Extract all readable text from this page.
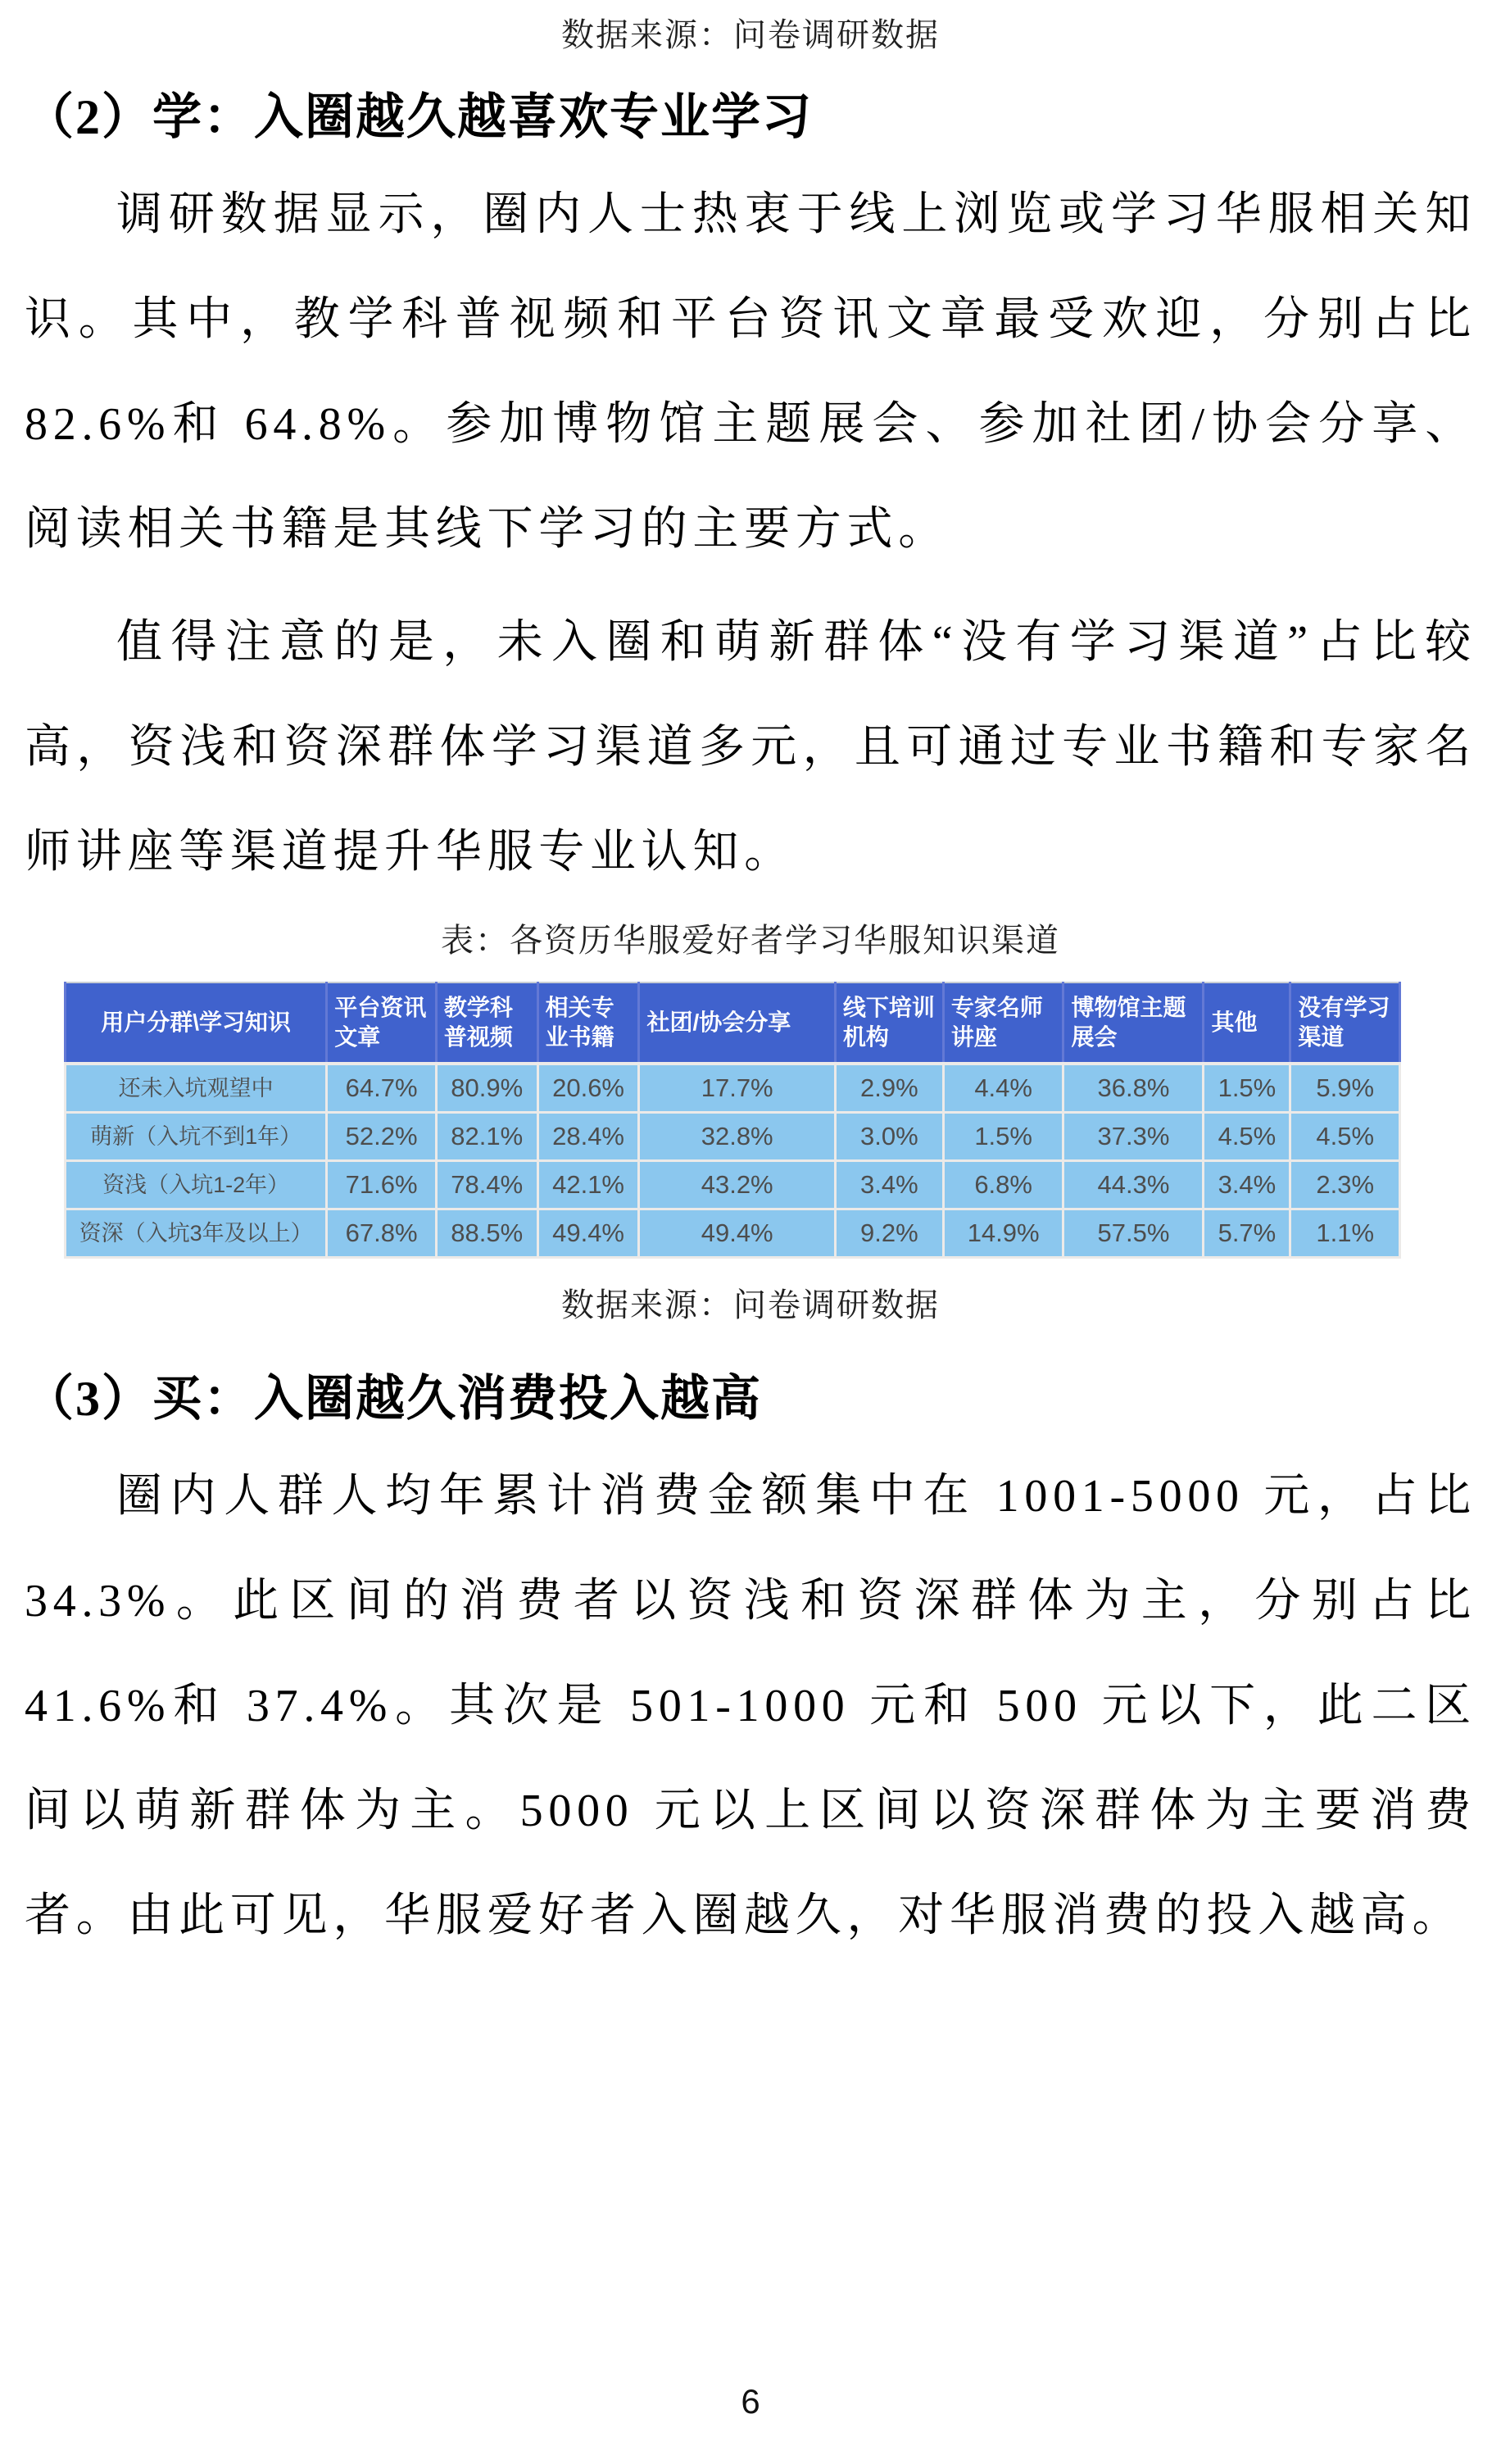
数据来源：问卷调研数据
（2）学：入圈越久越喜欢专业学习
调研数据显示，圈内人士热衷于线上浏览或学习华服相关知识。其中，教学科普视频和平台资讯文章最受欢迎，分别占比 82.6%和 64.8%。参加博物馆主题展会、参加社团/协会分享、阅读相关书籍是其线下学习的主要方式。
值得注意的是，未入圈和萌新群体“没有学习渠道”占比较高，资浅和资深群体学习渠道多元，且可通过专业书籍和专家名师讲座等渠道提升华服专业认知。
表：各资历华服爱好者学习华服知识渠道
用户分群\学习知识	平台资讯文章	教学科普视频	相关专业书籍	社团/协会分享	线下培训机构	专家名师讲座	博物馆主题展会	其他	没有学习渠道
还未入坑观望中	64.7%	80.9%	20.6%	17.7%	2.9%	4.4%	36.8%	1.5%	5.9%
萌新（入坑不到1年）	52.2%	82.1%	28.4%	32.8%	3.0%	1.5%	37.3%	4.5%	4.5%
资浅（入坑1-2年）	71.6%	78.4%	42.1%	43.2%	3.4%	6.8%	44.3%	3.4%	2.3%
资深（入坑3年及以上）	67.8%	88.5%	49.4%	49.4%	9.2%	14.9%	57.5%	5.7%	1.1%
数据来源：问卷调研数据
（3）买：入圈越久消费投入越高
圈内人群人均年累计消费金额集中在 1001-5000 元，占比 34.3%。此区间的消费者以资浅和资深群体为主，分别占比 41.6%和 37.4%。其次是 501-1000 元和 500 元以下，此二区间以萌新群体为主。5000 元以上区间以资深群体为主要消费者。由此可见，华服爱好者入圈越久，对华服消费的投入越高。
6
